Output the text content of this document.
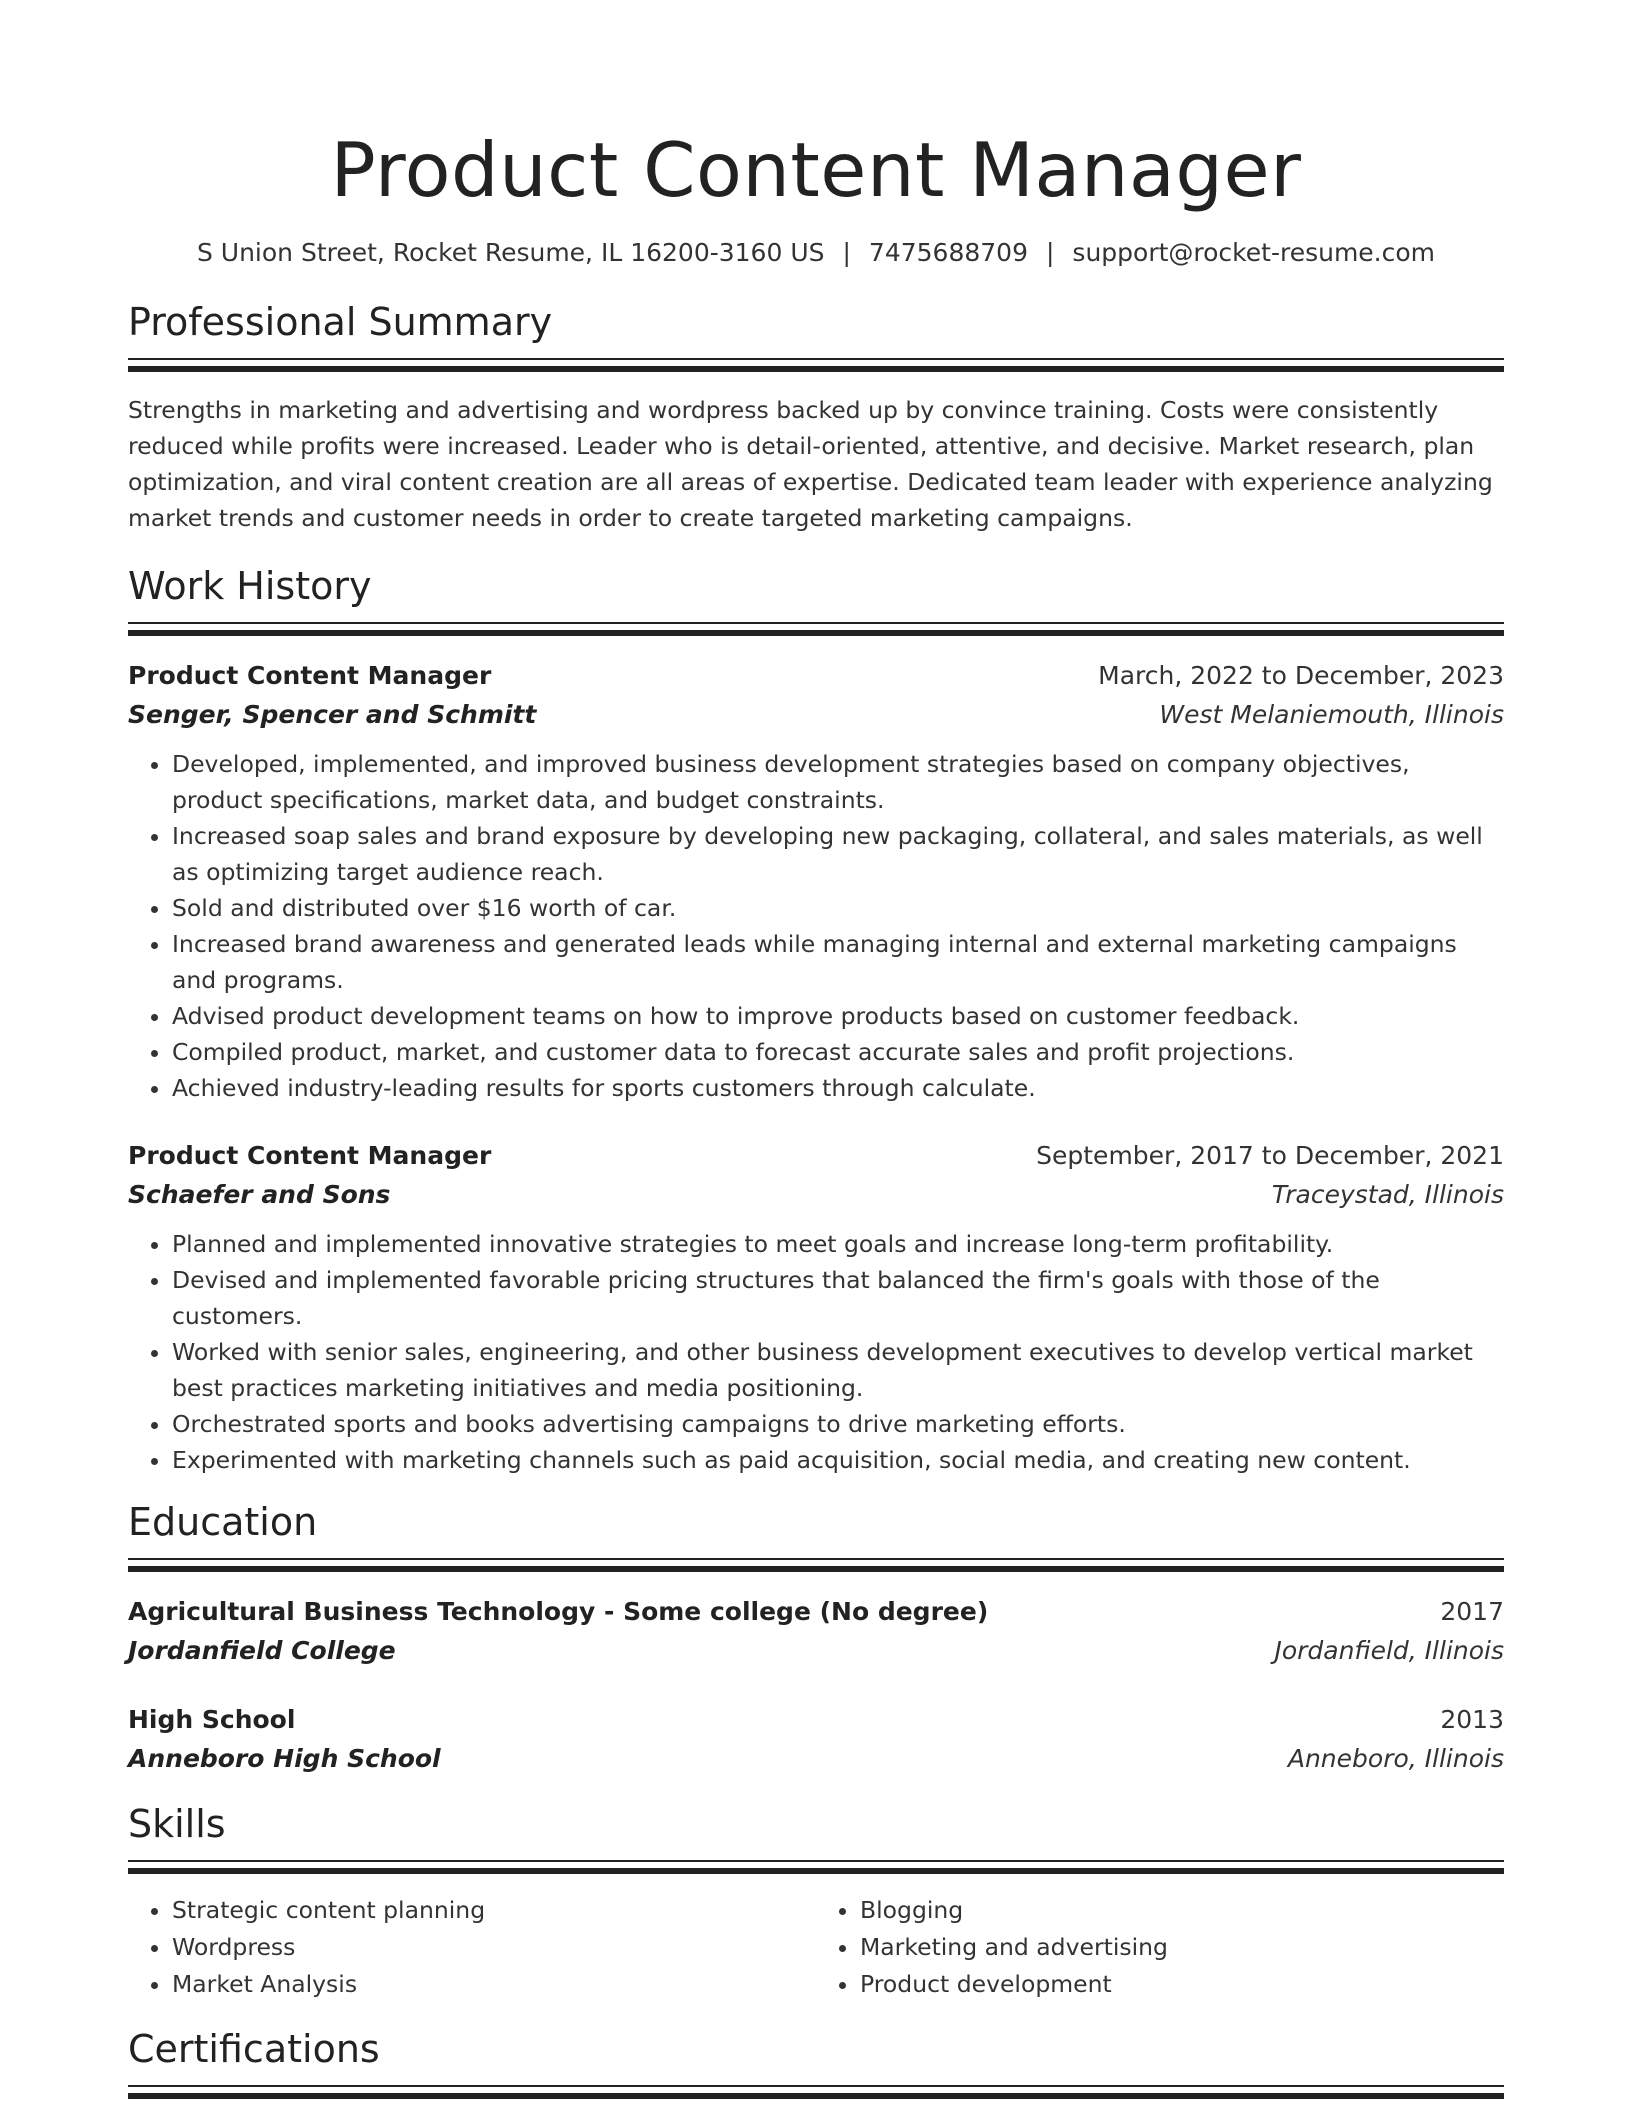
Product Content Manager
S Union Street, Rocket Resume, IL 16200-3160 US | 7475688709 | support@rocket-resume.com
Professional Summary
Strengths in marketing and advertising and wordpress backed up by convince training. Costs were consistently reduced while profits were increased. Leader who is detail-oriented, attentive, and decisive. Market research, plan optimization, and viral content creation are all areas of expertise. Dedicated team leader with experience analyzing market trends and customer needs in order to create targeted marketing campaigns.
Work History
Product Content Manager	March, 2022 to December, 2023
Senger, Spencer and Schmitt	West Melaniemouth, Illinois
• Developed, implemented, and improved business development strategies based on company objectives, product specifications, market data, and budget constraints.
• Increased soap sales and brand exposure by developing new packaging, collateral, and sales materials, as well as optimizing target audience reach.
• Sold and distributed over $16 worth of car.
• Increased brand awareness and generated leads while managing internal and external marketing campaigns and programs.
• Advised product development teams on how to improve products based on customer feedback.
• Compiled product, market, and customer data to forecast accurate sales and profit projections.
• Achieved industry-leading results for sports customers through calculate.
Product Content Manager	September, 2017 to December, 2021
Schaefer and Sons	Traceystad, Illinois
• Planned and implemented innovative strategies to meet goals and increase long-term profitability.
• Devised and implemented favorable pricing structures that balanced the firm's goals with those of the customers.
• Worked with senior sales, engineering, and other business development executives to develop vertical market best practices marketing initiatives and media positioning.
• Orchestrated sports and books advertising campaigns to drive marketing efforts.
• Experimented with marketing channels such as paid acquisition, social media, and creating new content.
Education
Agricultural Business Technology - Some college (No degree)	2017
Jordanfield College	Jordanfield, Illinois
High School	2013
Anneboro High School	Anneboro, Illinois
Skills
• Strategic content planning
• Wordpress
• Market Analysis
• Blogging
• Marketing and advertising
• Product development
Certifications
